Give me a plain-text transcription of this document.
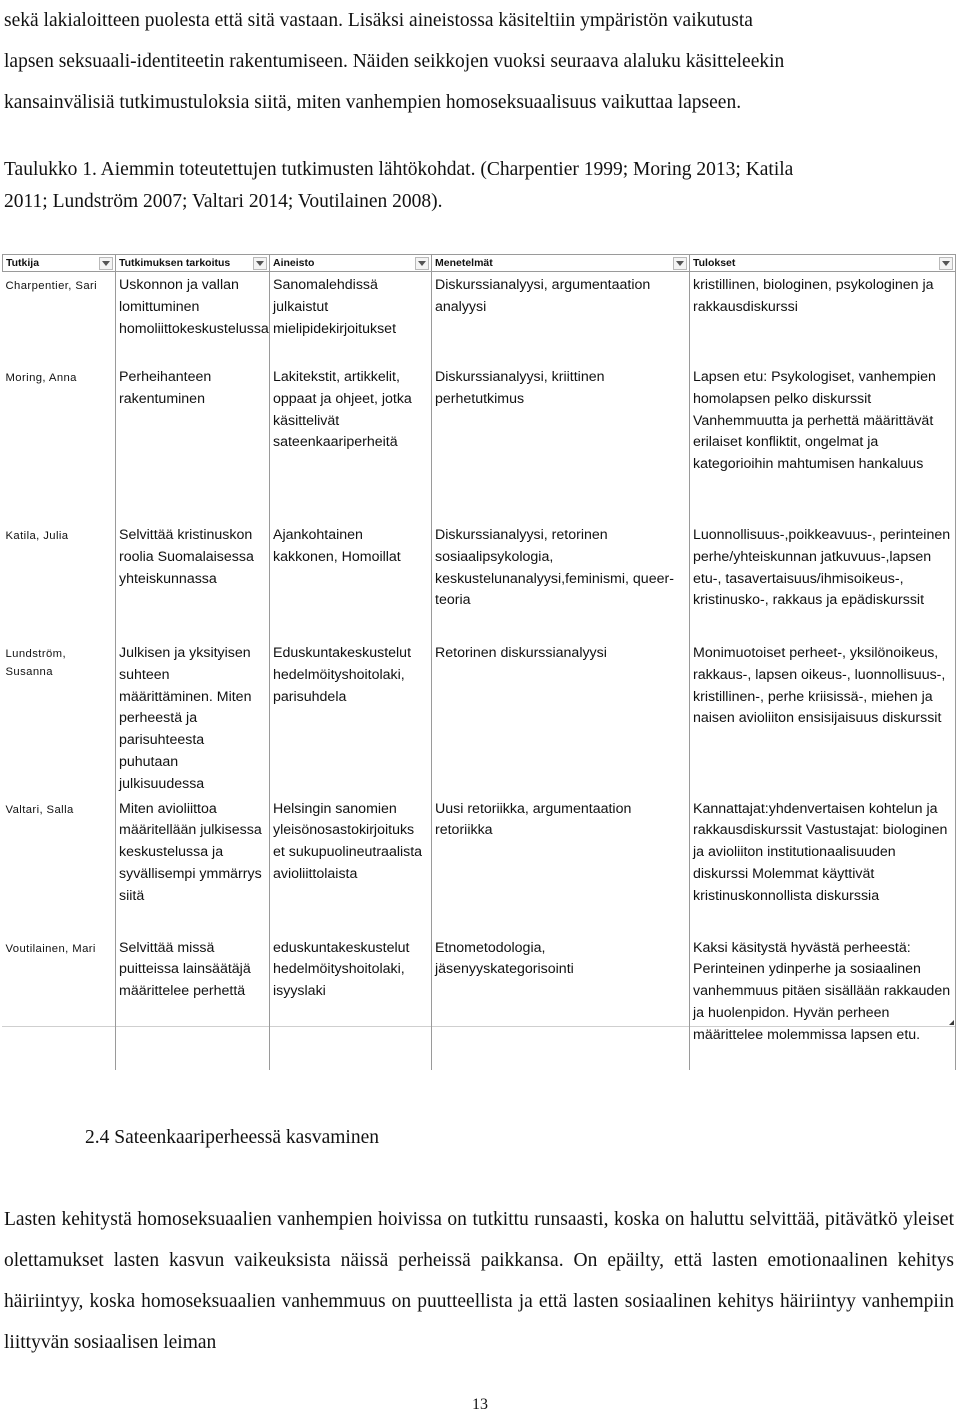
sekä lakialoitteen puolesta että sitä vastaan. Lisäksi aineistossa käsiteltiin ympäristön vaikutusta
lapsen seksuaali-identiteetin rakentumiseen. Näiden seikkojen vuoksi seuraava alaluku käsitteleekin
kansainvälisiä tutkimustuloksia siitä, miten vanhempien homoseksuaalisuus vaikuttaa lapseen.

Taulukko 1. Aiemmin toteutettujen tutkimusten lähtökohdat. (Charpentier 1999; Moring 2013; Katila
2011; Lundström 2007; Valtari 2014; Voutilainen 2008).

Tutkija	Tutkimuksen tarkoitus	Aineisto	Menetelmät	Tulokset

Charpentier, Sari	Uskonnon ja vallan lomittuminen homoliittokeskustelussa	Sanomalehdissä julkaistut mielipidekirjoitukset	Diskurssianalyysi, argumentaation analyysi	kristillinen, biologinen, psykologinen ja rakkausdiskurssi
Moring, Anna	Perheihanteen rakentuminen	Lakitekstit, artikkelit, oppaat ja ohjeet, jotka käsittelivät sateenkaariperheitä	Diskurssianalyysi, kriittinen perhetutkimus	Lapsen etu: Psykologiset, vanhempien homolapsen pelko diskurssit Vanhemmuutta ja perhettä määrittävät erilaiset konfliktit, ongelmat ja kategorioihin mahtumisen hankaluus
Katila, Julia	Selvittää kristinuskon roolia Suomalaisessa yhteiskunnassa	Ajankohtainen kakkonen, Homoillat	Diskurssianalyysi, retorinen sosiaalipsykologia, keskustelunanalyysi,feminismi, queer-teoria	Luonnollisuus-,poikkeavuus-, perinteinen perhe/yhteiskunnan jatkuvuus-,lapsen etu-, tasavertaisuus/ihmisoikeus-, kristinusko-, rakkaus ja epädiskurssit
Lundström, Susanna	Julkisen ja yksityisen suhteen määrittäminen. Miten perheestä ja parisuhteesta puhutaan julkisuudessa	Eduskuntakeskustelut hedelmöityshoitolaki, parisuhdela	Retorinen diskurssianalyysi	Monimuotoiset perheet-, yksilönoikeus, rakkaus-, lapsen oikeus-, luonnollisuus-, kristillinen-, perhe kriisissä-, miehen ja naisen avioliiton ensisijaisuus diskurssit
Valtari, Salla	Miten avioliittoa määritellään julkisessa keskustelussa ja syvällisempi ymmärrys siitä	Helsingin sanomien yleisönosastokirjoituks et sukupuolineutraalista avioliittolaista	Uusi retoriikka, argumentaation retoriikka	Kannattajat:yhdenvertaisen kohtelun ja rakkausdiskurssit Vastustajat: biologinen ja avioliiton institutionaalisuuden diskurssi Molemmat käyttivät kristinuskonnollista diskurssia
Voutilainen, Mari	Selvittää missä puitteissa lainsäätäjä määrittelee perhettä	eduskuntakeskustelut hedelmöityshoitolaki, isyyslaki	Etnometodologia, jäsenyyskategorisointi	Kaksi käsitystä hyvästä perheestä: Perinteinen ydinperhe ja sosiaalinen vanhemmuus pitäen sisällään rakkauden ja huolenpidon. Hyvän perheen määrittelee molemmissa lapsen etu.
2.4 Sateenkaariperheessä kasvaminen

Lasten kehitystä homoseksuaalien vanhempien hoivissa on tutkittu runsaasti, koska on haluttu selvittää, pitävätkö yleiset olettamukset lasten kasvun vaikeuksista näissä perheissä paikkansa. On epäilty, että lasten emotionaalinen kehitys häiriintyy, koska homoseksuaalien vanhemmuus on puutteellista ja että lasten sosiaalinen kehitys häiriintyy vanhempiin liittyvän sosiaalisen leiman

13
